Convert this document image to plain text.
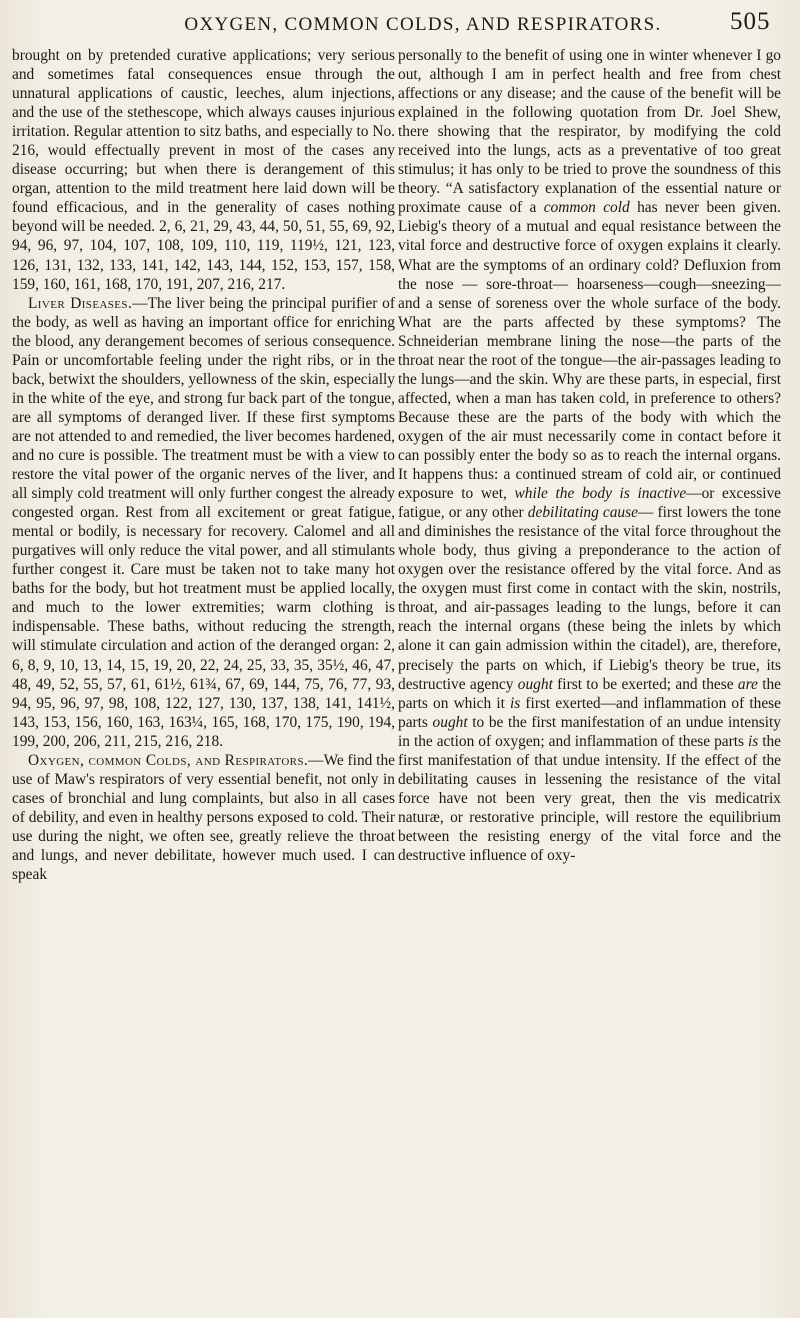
OXYGEN, COMMON COLDS, AND RESPIRATORS.	505

brought on by pretended curative applications; very serious and sometimes fatal consequences ensue through the unnatural applications of caustic, leeches, alum injections, and the use of the stethescope, which always causes injurious irritation. Regular attention to sitz baths, and especially to No. 216, would effectually prevent in most of the cases any disease occurring; but when there is derangement of this organ, attention to the mild treatment here laid down will be found efficacious, and in the generality of cases nothing beyond will be needed. 2, 6, 21, 29, 43, 44, 50, 51, 55, 69, 92, 94, 96, 97, 104, 107, 108, 109, 110, 119, 119½, 121, 123, 126, 131, 132, 133, 141, 142, 143, 144, 152, 153, 157, 158, 159, 160, 161, 168, 170, 191, 207, 216, 217.

Liver Diseases.—The liver being the principal purifier of the body, as well as having an important office for enriching the blood, any derangement becomes of serious consequence. Pain or uncomfortable feeling under the right ribs, or in the back, betwixt the shoulders, yellowness of the skin, especially in the white of the eye, and strong fur back part of the tongue, are all symptoms of deranged liver. If these first symptoms are not attended to and remedied, the liver becomes hardened, and no cure is possible. The treatment must be with a view to restore the vital power of the organic nerves of the liver, and all simply cold treatment will only further congest the already congested organ. Rest from all excitement or great fatigue, mental or bodily, is necessary for recovery. Calomel and all purgatives will only reduce the vital power, and all stimulants further congest it. Care must be taken not to take many hot baths for the body, but hot treatment must be applied locally, and much to the lower extremities; warm clothing is indispensable. These baths, without reducing the strength, will stimulate circulation and action of the deranged organ: 2, 6, 8, 9, 10, 13, 14, 15, 19, 20, 22, 24, 25, 33, 35, 35½, 46, 47, 48, 49, 52, 55, 57, 61, 61½, 61¾, 67, 69, 144, 75, 76, 77, 93, 94, 95, 96, 97, 98, 108, 122, 127, 130, 137, 138, 141, 141½, 143, 153, 156, 160, 163, 163¼, 165, 168, 170, 175, 190, 194, 199, 200, 206, 211, 215, 216, 218.

Oxygen, common Colds, and Respirators.—We find the use of Maw's respirators of very essential benefit, not only in cases of bronchial and lung complaints, but also in all cases of debility, and even in healthy persons exposed to cold. Their use during the night, we often see, greatly relieve the throat and lungs, and never debilitate, however much used. I can speak

personally to the benefit of using one in winter whenever I go out, although I am in perfect health and free from chest affections or any disease; and the cause of the benefit will be explained in the following quotation from Dr. Joel Shew, there showing that the respirator, by modifying the cold received into the lungs, acts as a preventative of too great stimulus; it has only to be tried to prove the soundness of this theory. “A satisfactory explanation of the essential nature or proximate cause of a common cold has never been given. Liebig's theory of a mutual and equal resistance between the vital force and destructive force of oxygen explains it clearly. What are the symptoms of an ordinary cold? Defluxion from the nose — sore-throat— hoarseness—cough—sneezing—and a sense of soreness over the whole surface of the body. What are the parts affected by these symptoms? The Schneiderian membrane lining the nose—the parts of the throat near the root of the tongue—the air-passages leading to the lungs—and the skin. Why are these parts, in especial, first affected, when a man has taken cold, in preference to others? Because these are the parts of the body with which the oxygen of the air must necessarily come in contact before it can possibly enter the body so as to reach the internal organs. It happens thus: a continued stream of cold air, or continued exposure to wet, while the body is inactive—or excessive fatigue, or any other debilitating cause— first lowers the tone and diminishes the resistance of the vital force throughout the whole body, thus giving a preponderance to the action of oxygen over the resistance offered by the vital force. And as the oxygen must first come in contact with the skin, nostrils, throat, and air-passages leading to the lungs, before it can reach the internal organs (these being the inlets by which alone it can gain admission within the citadel), are, therefore, precisely the parts on which, if Liebig's theory be true, its destructive agency ought first to be exerted; and these are the parts on which it is first exerted—and inflammation of these parts ought to be the first manifestation of an undue intensity in the action of oxygen; and inflammation of these parts is the first manifestation of that undue intensity. If the effect of the debilitating causes in lessening the resistance of the vital force have not been very great, then the vis medicatrix naturæ, or restorative principle, will restore the equilibrium between the resisting energy of the vital force and the destructive influence of oxy-
